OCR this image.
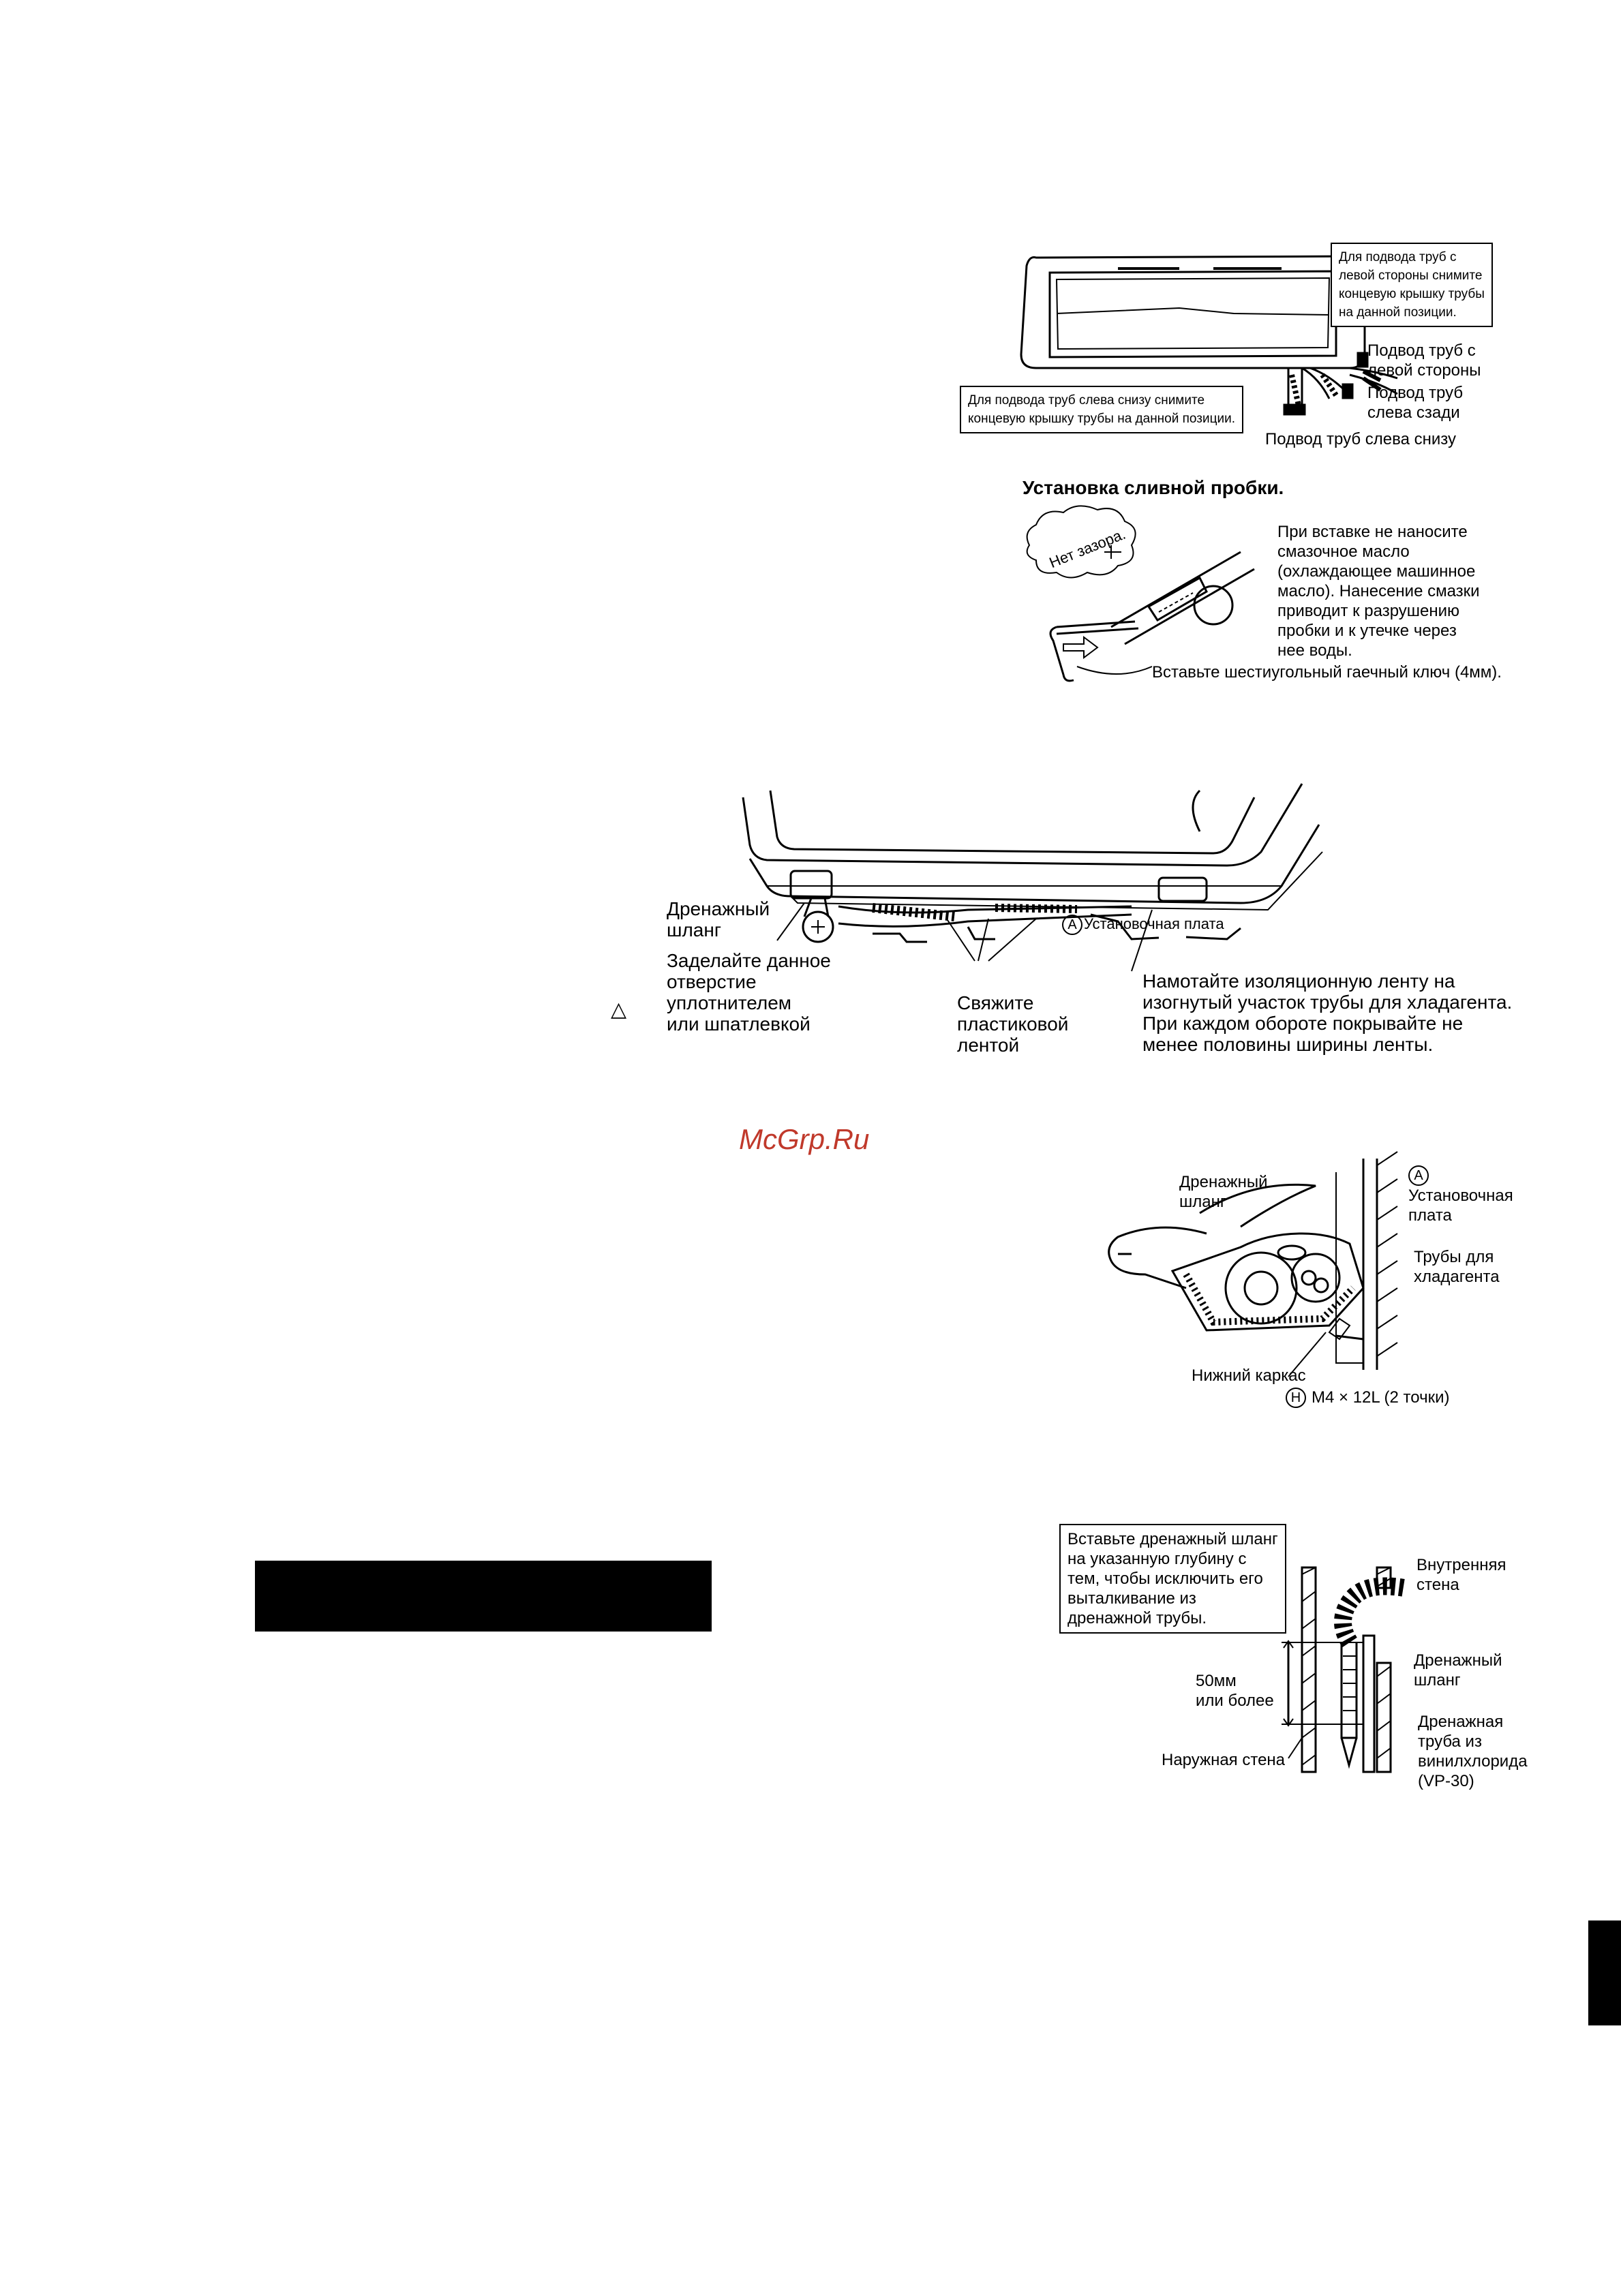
Для подвода труб с
левой стороны снимите
концевую крышку трубы
на данной позиции.
Для подвода труб слева снизу снимите
концевую крышку трубы на данной позиции.
Подвод труб с
левой стороны
Подвод труб
слева сзади
Подвод труб слева снизу
Установка сливной пробки.
Нет зазора.	При вставке не наносите
смазочное масло
(охлаждающее машинное
масло). Нанесение смазки
приводит к разрушению
пробки и к утечке через
нее воды.
Вставьте шестиугольный гаечный ключ (4мм).
Дренажный
шланг
Заделайте данное
отверстие
уплотнителем
или шпатлевкой
Свяжите
пластиковой
лентой
A Установочная плата
Намотайте изоляционную ленту на
изогнутый участок трубы для хладагента.
При каждом обороте покрывайте не
менее половины ширины ленты.
△
McGrp.Ru
Дренажный
шланг
A
Установочная
плата
Трубы для
хладагента
Нижний каркас
H M4 × 12L (2 точки)
Вставьте дренажный шланг
на указанную глубину с
тем, чтобы исключить его
выталкивание из
дренажной трубы.
50мм
или более
Наружная стена
Внутренняя
стена
Дренажный
шланг
Дренажная
труба из
винилхлорида
(VP-30)
